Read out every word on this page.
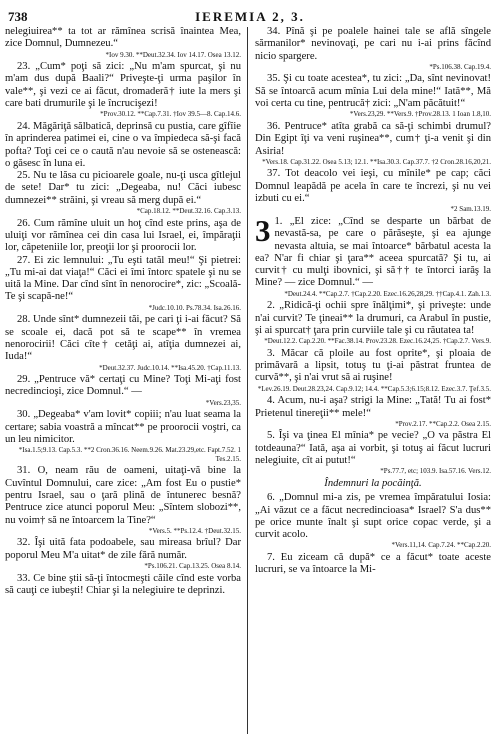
738	IEREMIA 2, 3.

nelegiuirea** ta tot ar rămînea scrisă înaintea Mea, zice Domnul, Dumnezeu.“

*Iov 9.30. **Deut.32.34. Iov 14.17. Osea 13.12.

23. „Cum* poţi să zici: „Nu m'am spurcat, şi nu m'am dus după Baali?“ Priveşte-ţi urma paşilor în vale**, şi vezi ce ai făcut, dromaderă† iute la mers şi care bati drumurile şi le încrucişezi!

*Prov.30.12. **Cap.7.31. †Iov 39.5—8. Cap.14.6.

24. Măgăriţă sălbatică, deprinsă cu pustia, care gîfîie în aprinderea patimei ei, cine o va împiedeca să-şi facă pofta? Toţi cei ce o caută n'au nevoie să se ostenească: o găsesc în luna ei.

25. Nu te lăsa cu picioarele goale, nu-ţi usca gîtlejul de sete! Dar* tu zici: „Degeaba, nu! Căci iubesc dumnezei** străini, şi vreau să merg după ei.“

*Cap.18.12. **Deut.32.16. Cap.3.13.

26. Cum rămîne uluit un hoţ cînd este prins, aşa de uluiţi vor rămînea cei din casa lui Israel, ei, împăraţii lor, căpeteniile lor, preoţii lor şi proorocii lor.

27. Ei zic lemnului: „Tu eşti tatăl meu!“ Şi pietrei: „Tu mi-ai dat viaţa!“ Căci ei îmi întorc spatele şi nu se uită la Mine. Dar cînd sînt în nenorocire*, zic: „Scoală-Te şi scapă-ne!“

*Judc.10.10. Ps.78.34. Isa.26.16.

28. Unde sînt* dumnezeii tăi, pe cari ţi i-ai făcut? Să se scoale ei, dacă pot să te scape** în vremea nenorocirii! Căci cîte† cetăţi ai, atîţia dumnezei ai, Iuda!“

*Deut.32.37. Judc.10.14. **Isa.45.20. †Cap.11.13.

29. „Pentruce vă* certaţi cu Mine? Toţi Mi-aţi fost necredincioşi, zice Domnul.“ —

*Vers.23,35.

30. „Degeaba* v'am lovit* copiii; n'au luat seama la certare; sabia voastră a mîncat** pe proorocii voştri, ca un leu nimicitor.

*Isa.1.5;9.13. Cap.5.3. **2 Cron.36.16. Neem.9.26. Mat.23.29,etc. Fapt.7.52. 1 Tes.2.15.

31. O, neam rău de oameni, uitaţi-vă bine la Cuvîntul Domnului, care zice: „Am fost Eu o pustie* pentru Israel, sau o ţară plină de întunerec besnă? Pentruce zice atunci poporul Meu: „Sîntem slobozi**, nu voim† să ne întoarcem la Tine?“

*Vers.5. **Ps.12.4. †Deut.32.15.

32. Îşi uită fata podoabele, sau mireasa brîul? Dar poporul Meu M'a uitat* de zile fără număr.

*Ps.106.21. Cap.13.25. Osea 8.14.

33. Ce bine ştii să-ţi întocmeşti căile cînd este vorba să cauţi ce iubeşti! Chiar şi la nelegiuire te deprinzi.

34. Pînă şi pe poalele hainei tale se află sîngele sărmanilor* nevinovaţi, pe cari nu i-ai prins făcînd nicio spargere.

*Ps.106.38. Cap.19.4.

35. Şi cu toate acestea*, tu zici: „Da, sînt nevinovat! Să se întoarcă acum mînia Lui dela mine!“ Iată**, Mă voi certa cu tine, pentrucă† zici: „N'am păcătuit!“

*Vers.23,29. **Vers.9. †Prov.28.13. 1 Ioan 1.8,10.

36. Pentruce* atîta grabă ca să-ţi schimbi drumul? Din Egipt îţi va veni ruşinea**, cum† ţi-a venit şi din Asiria!

*Vers.18. Cap.31.22. Osea 5.13; 12.1. **Isa.30.3. Cap.37.7. †2 Cron.28.16,20,21.

37. Tot deacolo vei ieşi, cu mînile* pe cap; căci Domnul leapădă pe acela în care te încrezi, şi nu vei izbuti cu ei.“

*2 Sam.13.19.

3 1. „El zice: „Cînd se desparte un bărbat de nevastă-sa, pe care o părăseşte, şi ea ajunge nevasta altuia, se mai întoarce* bărbatul acesta la ea? N'ar fi chiar şi ţara** aceea spurcată? Şi tu, ai curvit† cu mulţi ibovnici, şi să†† te întorci iarăş la Mine? — zice Domnul.“ —

*Deut.24.4. **Cap.2.7. †Cap.2.20. Ezec.16.26,28,29. ††Cap.4.1. Zah.1.3.

2. „Ridică-ţi ochii spre înălţimi*, şi priveşte: unde n'ai curvit? Te ţineai** la drumuri, ca Arabul în pustie, şi ai spurcat† ţara prin curviile tale şi cu răutatea ta!

*Deut.12.2. Cap.2.20. **Fac.38.14. Prov.23.28. Ezec.16.24,25. †Cap.2.7. Vers.9.

3. Măcar că ploile au fost oprite*, şi ploaia de primăvară a lipsit, totuş tu ţi-ai păstrat fruntea de curvă**, şi n'ai vrut să ai ruşine!

*Lev.26.19. Deut.28.23,24. Cap.9.12; 14.4. **Cap.5.3;6.15;8.12. Ezec.3.7. Ţef.3.5.

4. Acum, nu-i aşa? strigi la Mine: „Tată! Tu ai fost* Prietenul tinereţii** mele!“

*Prov.2.17. **Cap.2.2. Osea 2.15.

5. Îşi va ţinea El mînia* pe vecie? „O va păstra El totdeauna?“ Iată, aşa ai vorbit, şi totuş ai făcut lucruri nelegiuite, cît ai putut!“

*Ps.77.7, etc; 103.9. Isa.57.16. Vers.12.

Îndemnuri la pocăinţă.

6. „Domnul mi-a zis, pe vremea împăratului Iosia: „Ai văzut ce a făcut necredincioasa* Israel? S'a dus** pe orice munte înalt şi supt orice copac verde, şi a curvit acolo.

*Vers.11,14. Cap.7.24. **Cap.2.20.

7. Eu ziceam că după* ce a făcut* toate aceste lucruri, se va întoarce la Mi-
